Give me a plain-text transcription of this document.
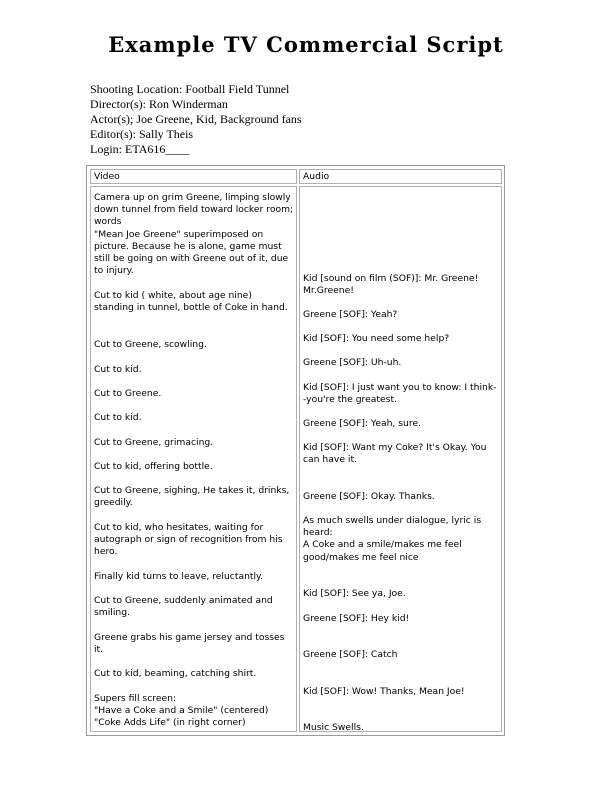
Example TV Commercial Script
Shooting Location: Football Field Tunnel
Director(s): Ron Winderman
Actor(s); Joe Greene, Kid, Background fans
Editor(s): Sally Theis
Login: ETA616____
Video	Audio
Camera up on grim Greene, limping slowly down tunnel from field toward locker room; words
"Mean Joe Greene" superimposed on picture. Because he is alone, game must still be going on with Greene out of it, due to injury.
Cut to kid ( white, about age nine) standing in tunnel, bottle of Coke in hand.
Cut to Greene, scowling.
Cut to kid.
Cut to Greene.
Cut to kid.
Cut to Greene, grimacing.
Cut to kid, offering bottle.
Cut to Greene, sighing, He takes it, drinks, greedily.
Cut to kid, who hesitates, waiting for autograph or sign of recognition from his hero.
Finally kid turns to leave, reluctantly.
Cut to Greene, suddenly animated and smiling.
Greene grabs his game jersey and tosses it.
Cut to kid, beaming, catching shirt.
Supers fill screen:
"Have a Coke and a Smile" (centered)
"Coke Adds Life" (in right corner)
Kid [sound on film (SOF)]: Mr. Greene! Mr.Greene!
Greene [SOF]: Yeah?
Kid [SOF]: You need some help?
Greene [SOF]: Uh-uh.
Kid [SOF]: I just want you to know: I think--you're the greatest.
Greene [SOF]: Yeah, sure.
Kid [SOF]: Want my Coke? It's Okay. You can have it.
Greene [SOF]: Okay. Thanks.
As much swells under dialogue, lyric is heard:
A Coke and a smile/makes me feel good/makes me feel nice
Kid [SOF]: See ya, Joe.
Greene [SOF]: Hey kid!
Greene [SOF]: Catch
Kid [SOF]: Wow! Thanks, Mean Joe!
Music Swells.
